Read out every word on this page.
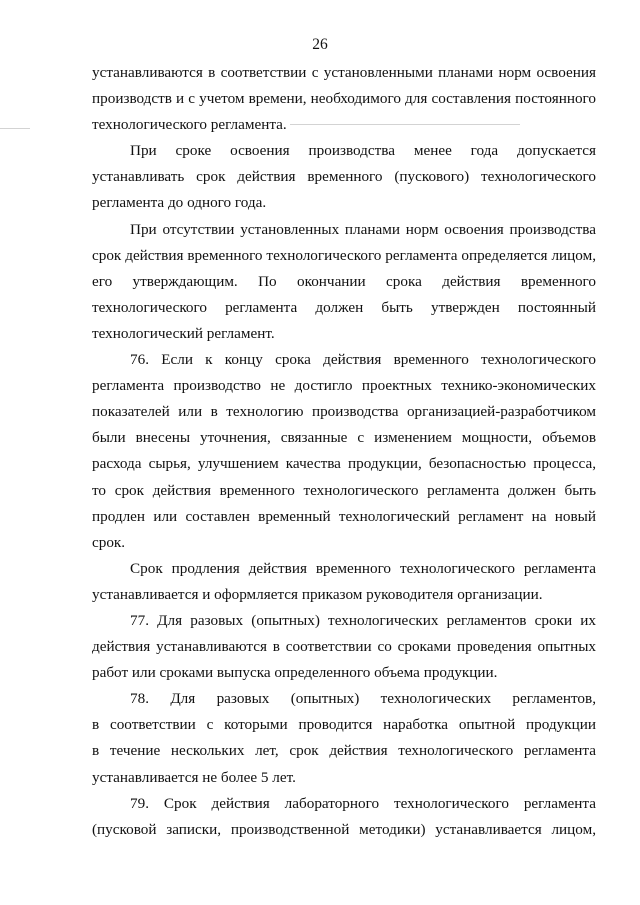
26
устанавливаются в соответствии с установленными планами норм освоения
производств и с учетом времени, необходимого для составления постоянного
технологического регламента.
При сроке освоения производства менее года допускается
устанавливать срок действия временного (пускового) технологического
регламента до одного года.
При отсутствии установленных планами норм освоения производства
срок действия временного технологического регламента определяется лицом,
его утверждающим. По окончании срока действия временного
технологического регламента должен быть утвержден постоянный
технологический регламент.
76. Если к концу срока действия временного технологического
регламента производство не достигло проектных технико-экономических
показателей или в технологию производства организацией-разработчиком
были внесены уточнения, связанные с изменением мощности, объемов
расхода сырья, улучшением качества продукции, безопасностью процесса,
то срок действия временного технологического регламента должен быть
продлен или составлен временный технологический регламент на новый
срок.
Срок продления действия временного технологического регламента
устанавливается и оформляется приказом руководителя организации.
77. Для разовых (опытных) технологических регламентов сроки их
действия устанавливаются в соответствии со сроками проведения опытных
работ или сроками выпуска определенного объема продукции.
78. Для разовых (опытных) технологических регламентов,
в соответствии с которыми проводится наработка опытной продукции
в течение нескольких лет, срок действия технологического регламента
устанавливается не более 5 лет.
79. Срок действия лабораторного технологического регламента
(пусковой записки, производственной методики) устанавливается лицом,
